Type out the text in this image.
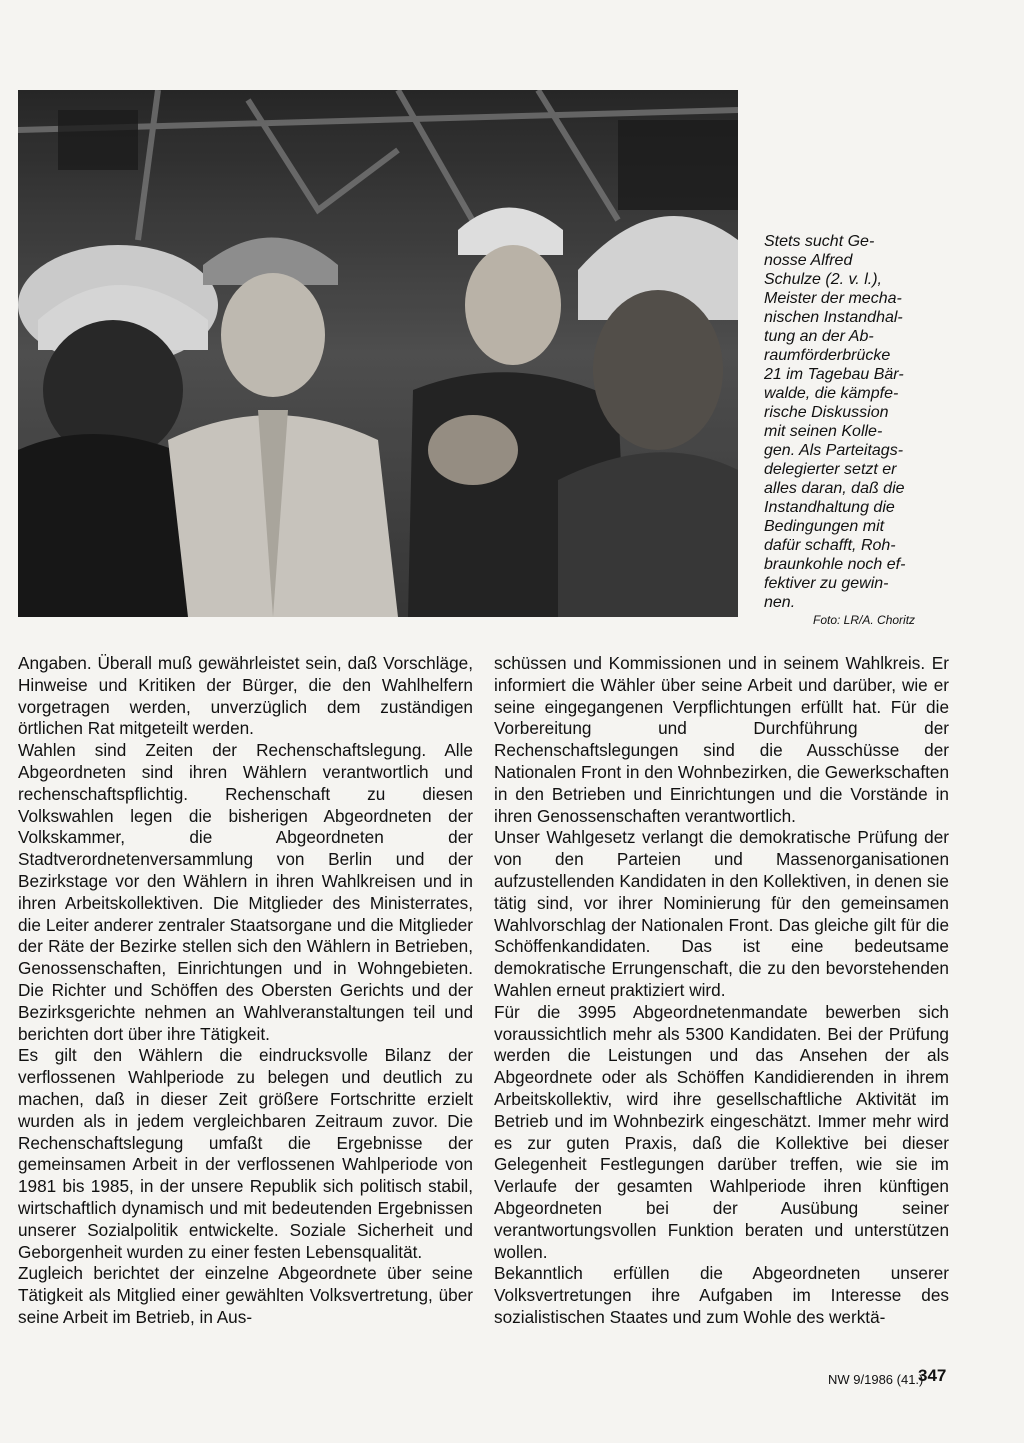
Stets sucht Ge-
nosse Alfred
Schulze (2. v. l.),
Meister der mecha-
nischen Instandhal-
tung an der Ab-
raumförderbrücke
21 im Tagebau Bär-
walde, die kämpfe-
rische Diskussion
mit seinen Kolle-
gen. Als Parteitags-
delegierter setzt er
alles daran, daß die
Instandhaltung die
Bedingungen mit
dafür schafft, Roh-
braunkohle noch ef-
fektiver zu gewin-
nen.

Foto: LR/A. Choritz

Angaben. Überall muß gewährleistet sein, daß Vorschläge, Hinweise und Kritiken der Bürger, die den Wahlhelfern vorgetragen werden, unverzüglich dem zuständigen örtlichen Rat mitgeteilt werden.

Wahlen sind Zeiten der Rechenschaftslegung. Alle Abgeordneten sind ihren Wählern verantwortlich und rechenschaftspflichtig. Rechenschaft zu diesen Volkswahlen legen die bisherigen Abgeordneten der Volkskammer, die Abgeordneten der Stadtverordnetenversammlung von Berlin und der Bezirkstage vor den Wählern in ihren Wahlkreisen und in ihren Arbeitskollektiven. Die Mitglieder des Ministerrates, die Leiter anderer zentraler Staatsorgane und die Mitglieder der Räte der Bezirke stellen sich den Wählern in Betrieben, Genossenschaften, Einrichtungen und in Wohngebieten. Die Richter und Schöffen des Obersten Gerichts und der Bezirksgerichte nehmen an Wahlveranstaltungen teil und berichten dort über ihre Tätigkeit.

Es gilt den Wählern die eindrucksvolle Bilanz der verflossenen Wahlperiode zu belegen und deutlich zu machen, daß in dieser Zeit größere Fortschritte erzielt wurden als in jedem vergleichbaren Zeitraum zuvor. Die Rechenschaftslegung umfaßt die Ergebnisse der gemeinsamen Arbeit in der verflossenen Wahlperiode von 1981 bis 1985, in der unsere Republik sich politisch stabil, wirtschaftlich dynamisch und mit bedeutenden Ergebnissen unserer Sozialpolitik entwickelte. Soziale Sicherheit und Geborgenheit wurden zu einer festen Lebensqualität.

Zugleich berichtet der einzelne Abgeordnete über seine Tätigkeit als Mitglied einer gewählten Volksvertretung, über seine Arbeit im Betrieb, in Aus-

schüssen und Kommissionen und in seinem Wahlkreis. Er informiert die Wähler über seine Arbeit und darüber, wie er seine eingegangenen Verpflichtungen erfüllt hat. Für die Vorbereitung und Durchführung der Rechenschaftslegungen sind die Ausschüsse der Nationalen Front in den Wohnbezirken, die Gewerkschaften in den Betrieben und Einrichtungen und die Vorstände in ihren Genossenschaften verantwortlich.

Unser Wahlgesetz verlangt die demokratische Prüfung der von den Parteien und Massenorganisationen aufzustellenden Kandidaten in den Kollektiven, in denen sie tätig sind, vor ihrer Nominierung für den gemeinsamen Wahlvorschlag der Nationalen Front. Das gleiche gilt für die Schöffenkandidaten. Das ist eine bedeutsame demokratische Errungenschaft, die zu den bevorstehenden Wahlen erneut praktiziert wird.

Für die 3995 Abgeordnetenmandate bewerben sich voraussichtlich mehr als 5300 Kandidaten. Bei der Prüfung werden die Leistungen und das Ansehen der als Abgeordnete oder als Schöffen Kandidierenden in ihrem Arbeitskollektiv, wird ihre gesellschaftliche Aktivität im Betrieb und im Wohnbezirk eingeschätzt. Immer mehr wird es zur guten Praxis, daß die Kollektive bei dieser Gelegenheit Festlegungen darüber treffen, wie sie im Verlaufe der gesamten Wahlperiode ihren künftigen Abgeordneten bei der Ausübung seiner verantwortungsvollen Funktion beraten und unterstützen wollen.

Bekanntlich erfüllen die Abgeordneten unserer Volksvertretungen ihre Aufgaben im Interesse des sozialistischen Staates und zum Wohle des werktä-

NW 9/1986 (41.)
347
